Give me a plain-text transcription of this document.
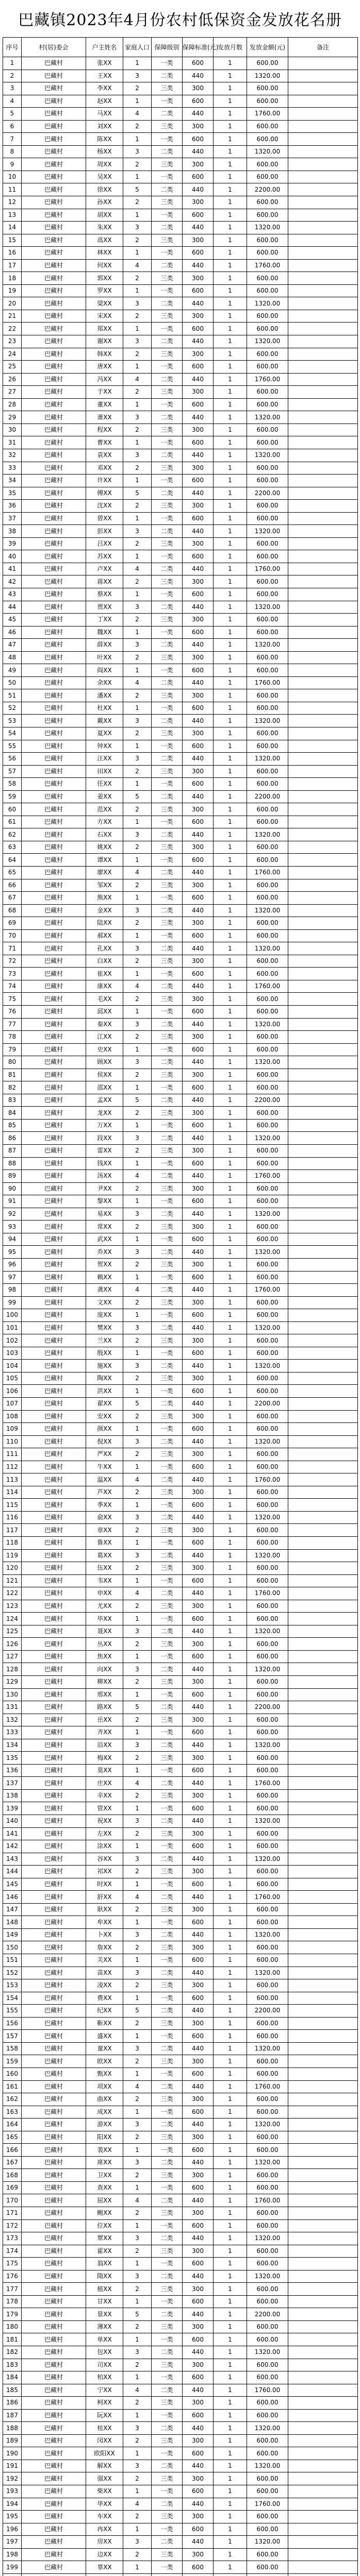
巴藏镇2023年4月份农村低保资金发放花名册
序号	村(居)委会	户主姓名	家庭人口	保障级别	保障标准(元)	发放月数	发放金额(元)	备注
1	巴藏村	张XX	1	一类	600	1	600.00	
2	巴藏村	王XX	3	二类	440	1	1320.00	
3	巴藏村	李XX	2	三类	300	1	600.00	
4	巴藏村	赵XX	1	一类	600	1	600.00	
5	巴藏村	马XX	4	二类	440	1	1760.00	
6	巴藏村	刘XX	2	三类	300	1	600.00	
7	巴藏村	陈XX	1	一类	600	1	600.00	
8	巴藏村	杨XX	3	二类	440	1	1320.00	
9	巴藏村	周XX	2	三类	300	1	600.00	
10	巴藏村	吴XX	1	一类	600	1	600.00	
11	巴藏村	徐XX	5	二类	440	1	2200.00	
12	巴藏村	孙XX	2	三类	300	1	600.00	
13	巴藏村	胡XX	1	一类	600	1	600.00	
14	巴藏村	朱XX	3	二类	440	1	1320.00	
15	巴藏村	高XX	2	三类	300	1	600.00	
16	巴藏村	林XX	1	一类	600	1	600.00	
17	巴藏村	何XX	4	二类	440	1	1760.00	
18	巴藏村	郭XX	2	三类	300	1	600.00	
19	巴藏村	罗XX	1	一类	600	1	600.00	
20	巴藏村	梁XX	3	二类	440	1	1320.00	
21	巴藏村	宋XX	2	三类	300	1	600.00	
22	巴藏村	郑XX	1	一类	600	1	600.00	
23	巴藏村	谢XX	3	二类	440	1	1320.00	
24	巴藏村	韩XX	2	三类	300	1	600.00	
25	巴藏村	唐XX	1	一类	600	1	600.00	
26	巴藏村	冯XX	4	二类	440	1	1760.00	
27	巴藏村	于XX	2	三类	300	1	600.00	
28	巴藏村	董XX	1	一类	600	1	600.00	
29	巴藏村	萧XX	3	二类	440	1	1320.00	
30	巴藏村	程XX	2	三类	300	1	600.00	
31	巴藏村	曹XX	1	一类	600	1	600.00	
32	巴藏村	袁XX	3	二类	440	1	1320.00	
33	巴藏村	邓XX	2	三类	300	1	600.00	
34	巴藏村	许XX	1	一类	600	1	600.00	
35	巴藏村	傅XX	5	二类	440	1	2200.00	
36	巴藏村	沈XX	2	三类	300	1	600.00	
37	巴藏村	曾XX	1	一类	600	1	600.00	
38	巴藏村	彭XX	3	二类	440	1	1320.00	
39	巴藏村	吕XX	2	三类	300	1	600.00	
40	巴藏村	苏XX	1	一类	600	1	600.00	
41	巴藏村	卢XX	4	二类	440	1	1760.00	
42	巴藏村	蒋XX	2	三类	300	1	600.00	
43	巴藏村	蔡XX	1	一类	600	1	600.00	
44	巴藏村	贾XX	3	二类	440	1	1320.00	
45	巴藏村	丁XX	2	三类	300	1	600.00	
46	巴藏村	魏XX	1	一类	600	1	600.00	
47	巴藏村	薛XX	3	二类	440	1	1320.00	
48	巴藏村	叶XX	2	三类	300	1	600.00	
49	巴藏村	阎XX	1	一类	600	1	600.00	
50	巴藏村	余XX	4	二类	440	1	1760.00	
51	巴藏村	潘XX	2	三类	300	1	600.00	
52	巴藏村	杜XX	1	一类	600	1	600.00	
53	巴藏村	戴XX	3	二类	440	1	1320.00	
54	巴藏村	夏XX	2	三类	300	1	600.00	
55	巴藏村	钟XX	1	一类	600	1	600.00	
56	巴藏村	汪XX	3	二类	440	1	1320.00	
57	巴藏村	田XX	2	三类	300	1	600.00	
58	巴藏村	任XX	1	一类	600	1	600.00	
59	巴藏村	姜XX	5	二类	440	1	2200.00	
60	巴藏村	范XX	2	三类	300	1	600.00	
61	巴藏村	方XX	1	一类	600	1	600.00	
62	巴藏村	石XX	3	二类	440	1	1320.00	
63	巴藏村	姚XX	2	三类	300	1	600.00	
64	巴藏村	谭XX	1	一类	600	1	600.00	
65	巴藏村	廖XX	4	二类	440	1	1760.00	
66	巴藏村	邹XX	2	三类	300	1	600.00	
67	巴藏村	熊XX	1	一类	600	1	600.00	
68	巴藏村	金XX	3	二类	440	1	1320.00	
69	巴藏村	陆XX	2	三类	300	1	600.00	
70	巴藏村	郝XX	1	一类	600	1	600.00	
71	巴藏村	孔XX	3	二类	440	1	1320.00	
72	巴藏村	白XX	2	三类	300	1	600.00	
73	巴藏村	崔XX	1	一类	600	1	600.00	
74	巴藏村	康XX	4	二类	440	1	1760.00	
75	巴藏村	毛XX	2	三类	300	1	600.00	
76	巴藏村	邱XX	1	一类	600	1	600.00	
77	巴藏村	秦XX	3	二类	440	1	1320.00	
78	巴藏村	江XX	2	三类	300	1	600.00	
79	巴藏村	史XX	1	一类	600	1	600.00	
80	巴藏村	顾XX	3	二类	440	1	1320.00	
81	巴藏村	侯XX	2	三类	300	1	600.00	
82	巴藏村	邵XX	1	一类	600	1	600.00	
83	巴藏村	孟XX	5	二类	440	1	2200.00	
84	巴藏村	龙XX	2	三类	300	1	600.00	
85	巴藏村	万XX	1	一类	600	1	600.00	
86	巴藏村	段XX	3	二类	440	1	1320.00	
87	巴藏村	雷XX	2	三类	300	1	600.00	
88	巴藏村	钱XX	1	一类	600	1	600.00	
89	巴藏村	汤XX	4	二类	440	1	1760.00	
90	巴藏村	尹XX	2	三类	300	1	600.00	
91	巴藏村	黎XX	1	一类	600	1	600.00	
92	巴藏村	易XX	3	二类	440	1	1320.00	
93	巴藏村	常XX	2	三类	300	1	600.00	
94	巴藏村	武XX	1	一类	600	1	600.00	
95	巴藏村	乔XX	3	二类	440	1	1320.00	
96	巴藏村	贺XX	2	三类	300	1	600.00	
97	巴藏村	赖XX	1	一类	600	1	600.00	
98	巴藏村	龚XX	4	二类	440	1	1760.00	
99	巴藏村	文XX	2	三类	300	1	600.00	
100	巴藏村	庞XX	1	一类	600	1	600.00	
101	巴藏村	樊XX	3	二类	440	1	1320.00	
102	巴藏村	兰XX	2	三类	300	1	600.00	
103	巴藏村	殷XX	1	一类	600	1	600.00	
104	巴藏村	施XX	3	二类	440	1	1320.00	
105	巴藏村	陶XX	2	三类	300	1	600.00	
106	巴藏村	洪XX	1	一类	600	1	600.00	
107	巴藏村	翟XX	5	二类	440	1	2200.00	
108	巴藏村	安XX	2	三类	300	1	600.00	
109	巴藏村	颜XX	1	一类	600	1	600.00	
110	巴藏村	倪XX	3	二类	440	1	1320.00	
111	巴藏村	严XX	2	三类	300	1	600.00	
112	巴藏村	牛XX	1	一类	600	1	600.00	
113	巴藏村	温XX	4	二类	440	1	1760.00	
114	巴藏村	芦XX	2	三类	300	1	600.00	
115	巴藏村	季XX	1	一类	600	1	600.00	
116	巴藏村	俞XX	3	二类	440	1	1320.00	
117	巴藏村	章XX	2	三类	300	1	600.00	
118	巴藏村	鲁XX	1	一类	600	1	600.00	
119	巴藏村	葛XX	3	二类	440	1	1320.00	
120	巴藏村	伍XX	2	三类	300	1	600.00	
121	巴藏村	韦XX	1	一类	600	1	600.00	
122	巴藏村	申XX	4	二类	440	1	1760.00	
123	巴藏村	尤XX	2	三类	300	1	600.00	
124	巴藏村	毕XX	1	一类	600	1	600.00	
125	巴藏村	聂XX	3	二类	440	1	1320.00	
126	巴藏村	丛XX	2	三类	300	1	600.00	
127	巴藏村	焦XX	1	一类	600	1	600.00	
128	巴藏村	向XX	3	二类	440	1	1320.00	
129	巴藏村	柳XX	2	三类	300	1	600.00	
130	巴藏村	邢XX	1	一类	600	1	600.00	
131	巴藏村	路XX	5	二类	440	1	2200.00	
132	巴藏村	岳XX	2	三类	300	1	600.00	
133	巴藏村	齐XX	1	一类	600	1	600.00	
134	巴藏村	沿XX	3	二类	440	1	1320.00	
135	巴藏村	梅XX	2	三类	300	1	600.00	
136	巴藏村	莫XX	1	一类	600	1	600.00	
137	巴藏村	庄XX	4	二类	440	1	1760.00	
138	巴藏村	辛XX	2	三类	300	1	600.00	
139	巴藏村	管XX	1	一类	600	1	600.00	
140	巴藏村	祝XX	3	二类	440	1	1320.00	
141	巴藏村	左XX	2	三类	300	1	600.00	
142	巴藏村	涂XX	1	一类	600	1	600.00	
143	巴藏村	谷XX	3	二类	440	1	1320.00	
144	巴藏村	祁XX	2	三类	300	1	600.00	
145	巴藏村	时XX	1	一类	600	1	600.00	
146	巴藏村	舒XX	4	二类	440	1	1760.00	
147	巴藏村	耿XX	2	三类	300	1	600.00	
148	巴藏村	牟XX	1	一类	600	1	600.00	
149	巴藏村	卜XX	3	二类	440	1	1320.00	
150	巴藏村	詹XX	2	三类	300	1	600.00	
151	巴藏村	关XX	1	一类	600	1	600.00	
152	巴藏村	苗XX	3	二类	440	1	1320.00	
153	巴藏村	凌XX	2	三类	300	1	600.00	
154	巴藏村	费XX	1	一类	600	1	600.00	
155	巴藏村	纪XX	5	二类	440	1	2200.00	
156	巴藏村	靳XX	2	三类	300	1	600.00	
157	巴藏村	盛XX	1	一类	600	1	600.00	
158	巴藏村	童XX	3	二类	440	1	1320.00	
159	巴藏村	欧XX	2	三类	300	1	600.00	
160	巴藏村	甄XX	1	一类	600	1	600.00	
161	巴藏村	项XX	4	二类	440	1	1760.00	
162	巴藏村	曲XX	2	三类	300	1	600.00	
163	巴藏村	成XX	1	一类	600	1	600.00	
164	巴藏村	游XX	3	二类	440	1	1320.00	
165	巴藏村	阳XX	2	三类	300	1	600.00	
166	巴藏村	裴XX	1	一类	600	1	600.00	
167	巴藏村	席XX	3	二类	440	1	1320.00	
168	巴藏村	卫XX	2	三类	300	1	600.00	
169	巴藏村	查XX	1	一类	600	1	600.00	
170	巴藏村	屈XX	4	二类	440	1	1760.00	
171	巴藏村	鲍XX	2	三类	300	1	600.00	
172	巴藏村	位XX	1	一类	600	1	600.00	
173	巴藏村	覃XX	3	二类	440	1	1320.00	
174	巴藏村	霍XX	2	三类	300	1	600.00	
175	巴藏村	翁XX	1	一类	600	1	600.00	
176	巴藏村	隋XX	3	二类	440	1	1320.00	
177	巴藏村	植XX	2	三类	300	1	600.00	
178	巴藏村	甘XX	1	一类	600	1	600.00	
179	巴藏村	景XX	5	二类	440	1	2200.00	
180	巴藏村	薄XX	2	三类	300	1	600.00	
181	巴藏村	单XX	1	一类	600	1	600.00	
182	巴藏村	包XX	3	二类	440	1	1320.00	
183	巴藏村	司XX	2	三类	300	1	600.00	
184	巴藏村	柏XX	1	一类	600	1	600.00	
185	巴藏村	宁XX	4	二类	440	1	1760.00	
186	巴藏村	柯XX	2	三类	300	1	600.00	
187	巴藏村	阮XX	1	一类	600	1	600.00	
188	巴藏村	桂XX	3	二类	440	1	1320.00	
189	巴藏村	闵XX	2	三类	300	1	600.00	
190	巴藏村	欧阳XX	1	一类	600	1	600.00	
191	巴藏村	解XX	3	二类	440	1	1320.00	
192	巴藏村	强XX	2	三类	300	1	600.00	
193	巴藏村	柴XX	1	一类	600	1	600.00	
194	巴藏村	华XX	4	二类	440	1	1760.00	
195	巴藏村	车XX	2	三类	300	1	600.00	
196	巴藏村	冉XX	1	一类	600	1	600.00	
197	巴藏村	房XX	3	二类	440	1	1320.00	
198	巴藏村	边XX	2	三类	300	1	600.00	
199	巴藏村	辜XX	1	一类	600	1	600.00	
